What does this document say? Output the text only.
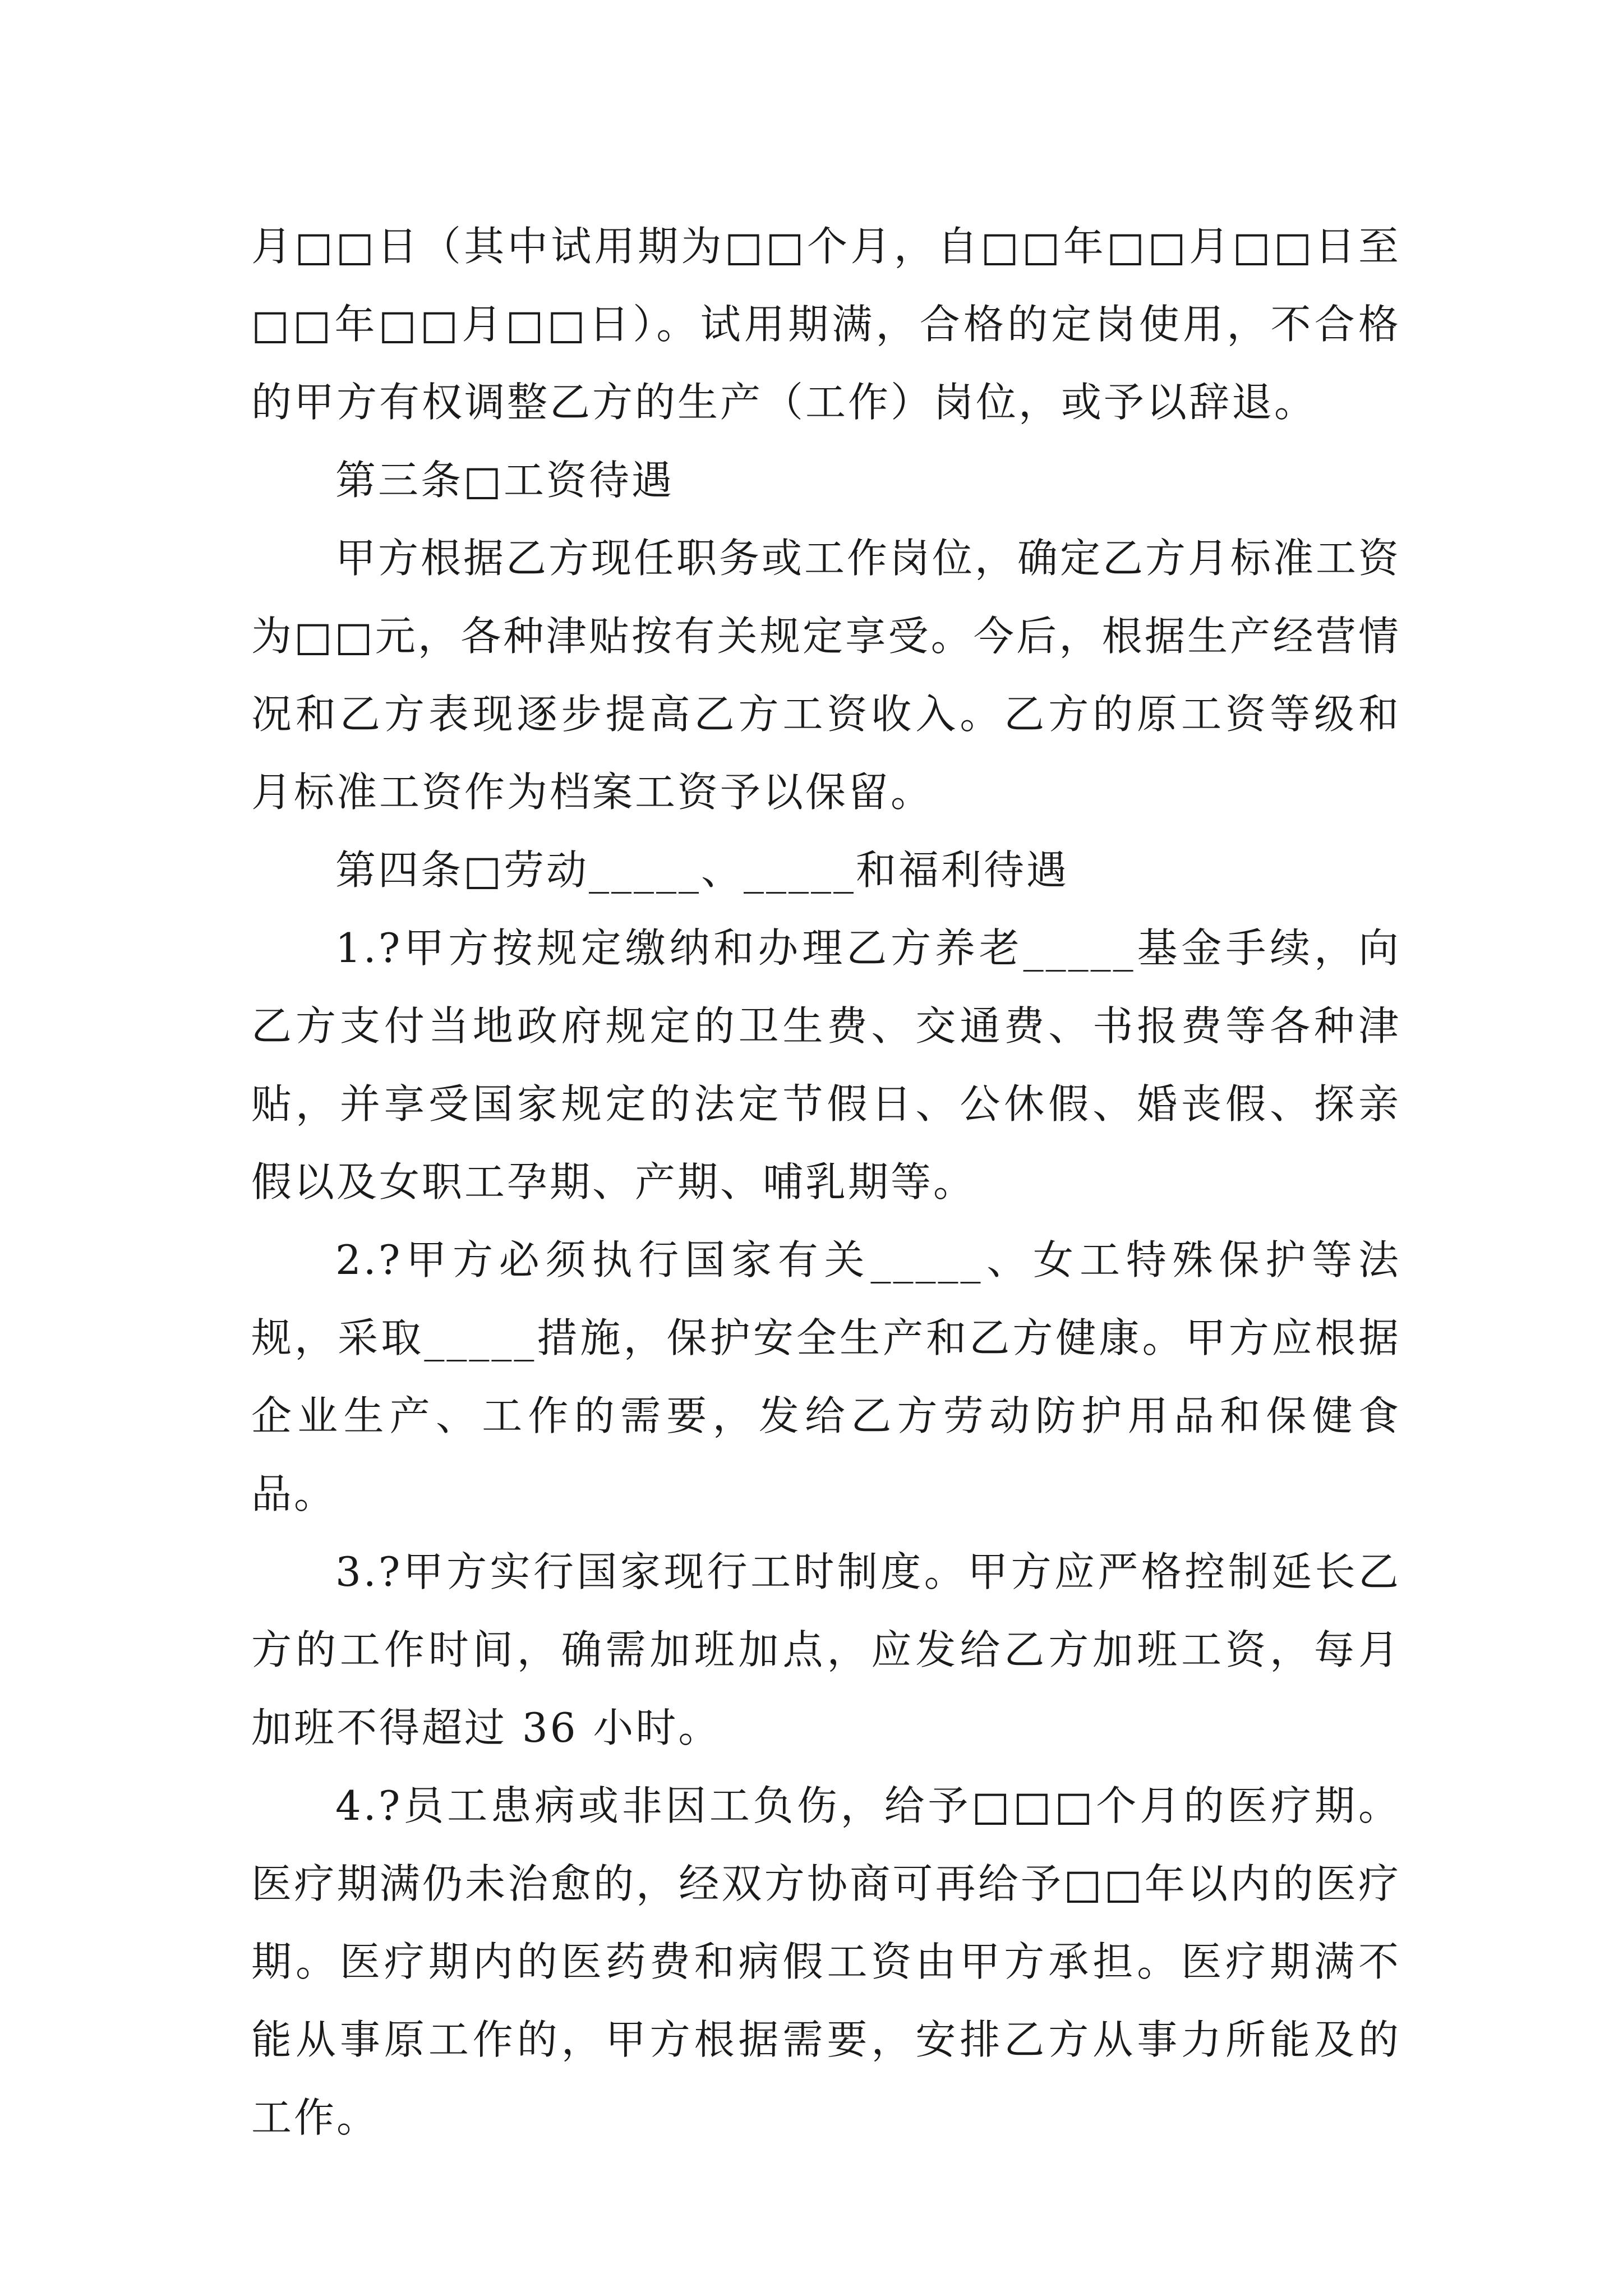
月□□日（其中试用期为□□个月，自□□年□□月□□日至□□年□□月□□日）。试用期满，合格的定岗使用，不合格的甲方有权调整乙方的生产（工作）岗位，或予以辞退。

第三条□工资待遇

甲方根据乙方现任职务或工作岗位，确定乙方月标准工资为□□元，各种津贴按有关规定享受。今后，根据生产经营情况和乙方表现逐步提高乙方工资收入。乙方的原工资等级和月标准工资作为档案工资予以保留。

第四条□劳动_____、_____和福利待遇

1.?甲方按规定缴纳和办理乙方养老_____基金手续，向乙方支付当地政府规定的卫生费、交通费、书报费等各种津贴，并享受国家规定的法定节假日、公休假、婚丧假、探亲假以及女职工孕期、产期、哺乳期等。

2.?甲方必须执行国家有关_____、女工特殊保护等法规，采取_____措施，保护安全生产和乙方健康。甲方应根据企业生产、工作的需要，发给乙方劳动防护用品和保健食品。

3.?甲方实行国家现行工时制度。甲方应严格控制延长乙方的工作时间，确需加班加点，应发给乙方加班工资，每月加班不得超过 36 小时。

4.?员工患病或非因工负伤，给予□□□个月的医疗期。医疗期满仍未治愈的，经双方协商可再给予□□年以内的医疗期。医疗期内的医药费和病假工资由甲方承担。医疗期满不能从事原工作的，甲方根据需要，安排乙方从事力所能及的工作。
